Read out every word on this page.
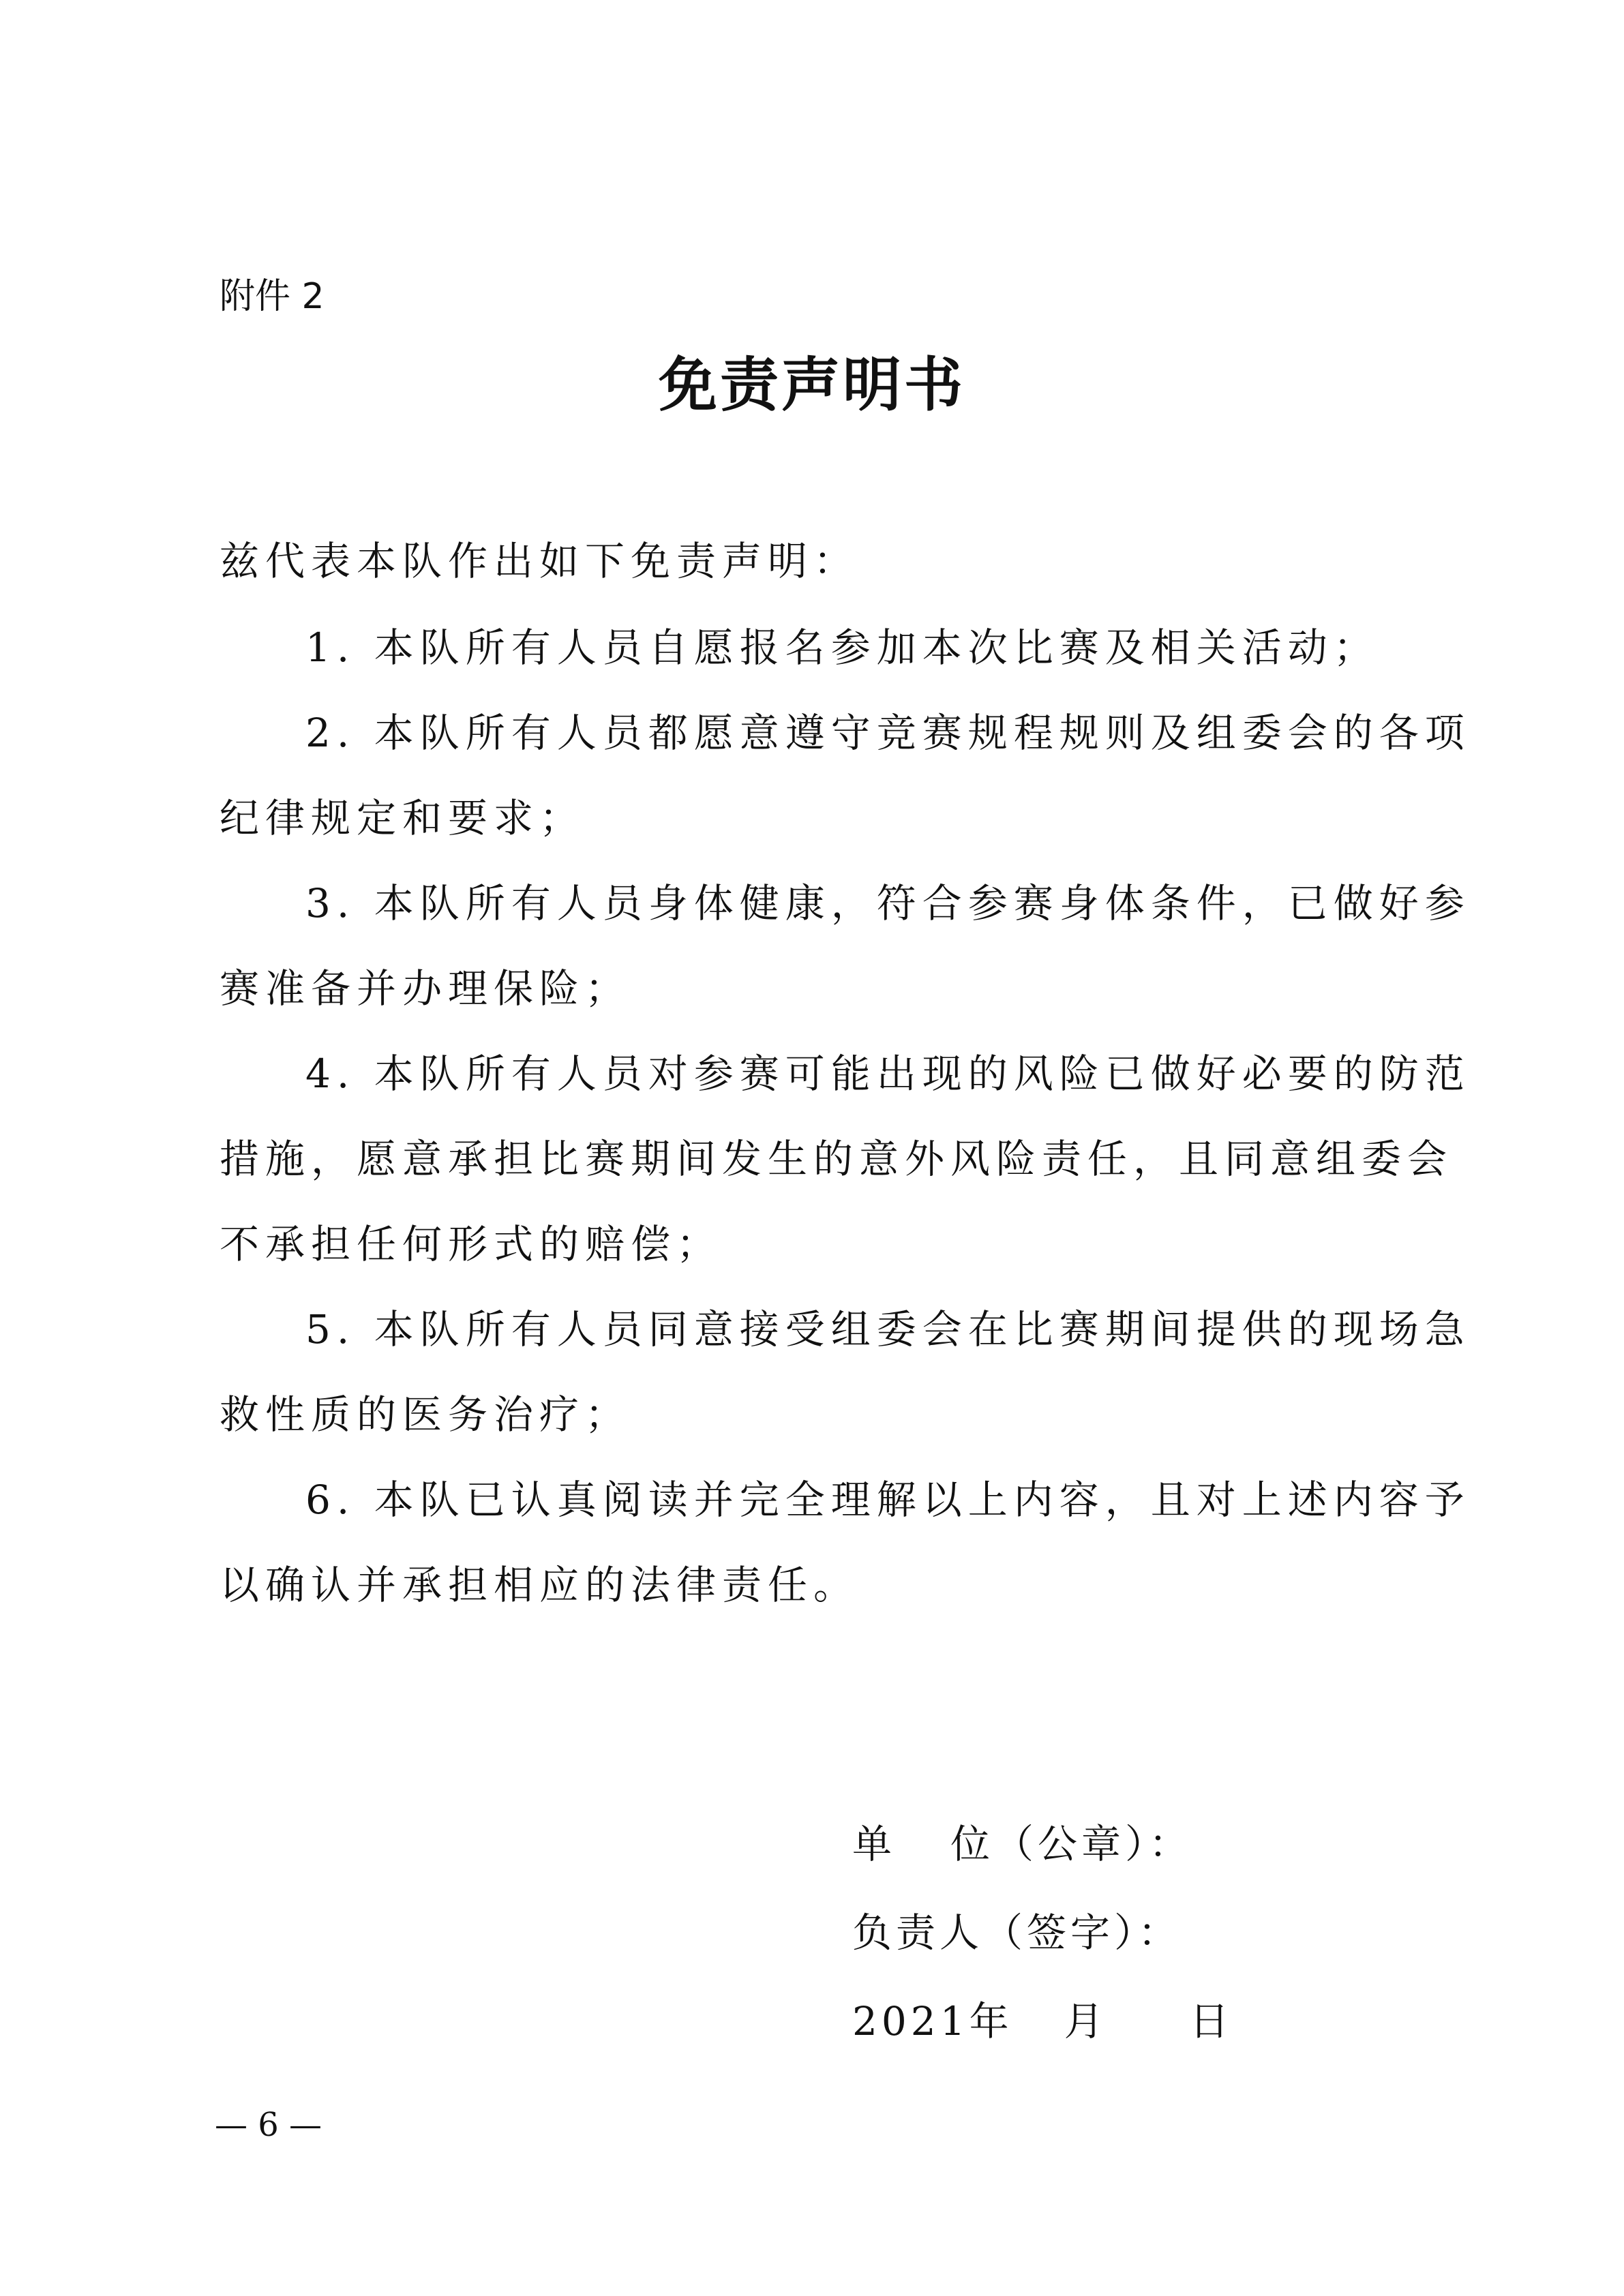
附件 2
免责声明书
兹代表本队作出如下免责声明：
1. 本队所有人员自愿报名参加本次比赛及相关活动；
2. 本队所有人员都愿意遵守竞赛规程规则及组委会的各项
纪律规定和要求；
3. 本队所有人员身体健康，符合参赛身体条件，已做好参
赛准备并办理保险；
4. 本队所有人员对参赛可能出现的风险已做好必要的防范
措施，愿意承担比赛期间发生的意外风险责任，且同意组委会
不承担任何形式的赔偿；
5. 本队所有人员同意接受组委会在比赛期间提供的现场急
救性质的医务治疗；
6. 本队已认真阅读并完全理解以上内容，且对上述内容予
以确认并承担相应的法律责任。
单 位（公章）：
负责人（签字）：
2021年 月 日
— 6 —
